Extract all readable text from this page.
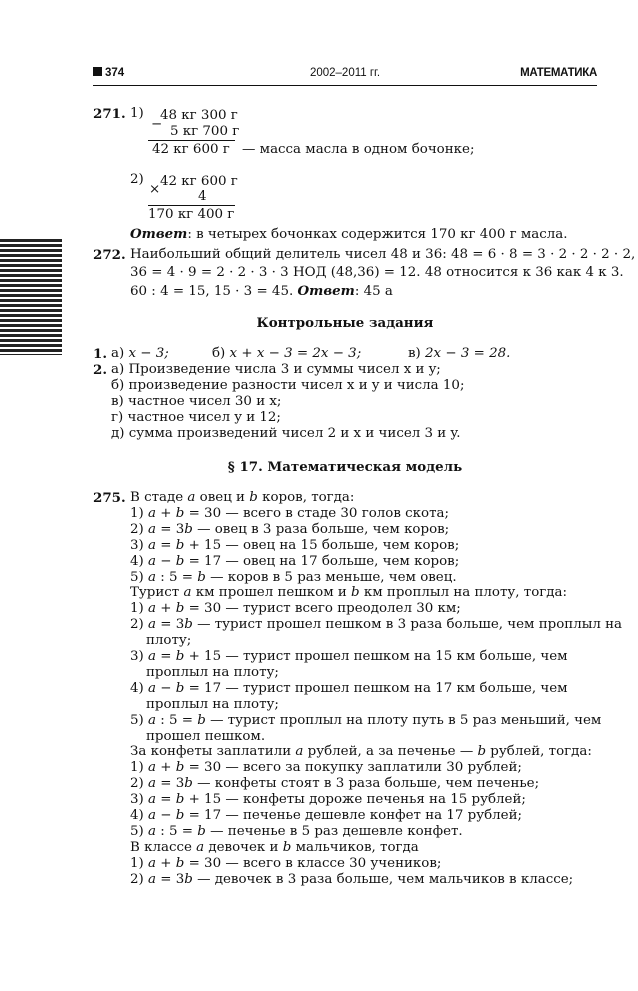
374	2002–2011 гг.	МАТЕМАТИКА
271. 1) 48 кг 300 г
− 5 кг 700 г
42 кг 600 г — масса масла в одном бочонке;
2) 42 кг 600 г
×	4
170 кг 400 г
Ответ: в четырех бочонках содержится 170 кг 400 г масла.
272. Наибольший общий делитель чисел 48 и 36: 48 = 6 · 8 = 3 · 2 · 2 · 2 · 2,
36 = 4 · 9 = 2 · 2 · 3 · 3 НОД (48,36) = 12. 48 относится к 36 как 4 к 3.
60 : 4 = 15, 15 · 3 = 45. Ответ: 45 а
Контрольные задания
1. а) x − 3;	б) x + x − 3 = 2x − 3;	в) 2x − 3 = 28.
2. а) Произведение числа 3 и суммы чисел x и y;
б) произведение разности чисел x и y и числа 10;
в) частное чисел 30 и x;
г) частное чисел y и 12;
д) сумма произведений чисел 2 и x и чисел 3 и y.
§ 17. Математическая модель
275. В стаде a овец и b коров, тогда:
1) a + b = 30 — всего в стаде 30 голов скота;
2) a = 3b — овец в 3 раза больше, чем коров;
3) a = b + 15 — овец на 15 больше, чем коров;
4) a − b = 17 — овец на 17 больше, чем коров;
5) a : 5 = b — коров в 5 раз меньше, чем овец.
Турист a км прошел пешком и b км проплыл на плоту, тогда:
1) a + b = 30 — турист всего преодолел 30 км;
2) a = 3b — турист прошел пешком в 3 раза больше, чем проплыл на
плоту;
3) a = b + 15 — турист прошел пешком на 15 км больше, чем
проплыл на плоту;
4) a − b = 17 — турист прошел пешком на 17 км больше, чем
проплыл на плоту;
5) a : 5 = b — турист проплыл на плоту путь в 5 раз меньший, чем
прошел пешком.
За конфеты заплатили a рублей, а за печенье — b рублей, тогда:
1) a + b = 30 — всего за покупку заплатили 30 рублей;
2) a = 3b — конфеты стоят в 3 раза больше, чем печенье;
3) a = b + 15 — конфеты дороже печенья на 15 рублей;
4) a − b = 17 — печенье дешевле конфет на 17 рублей;
5) a : 5 = b — печенье в 5 раз дешевле конфет.
В классе a девочек и b мальчиков, тогда
1) a + b = 30 — всего в классе 30 учеников;
2) a = 3b — девочек в 3 раза больше, чем мальчиков в классе;
